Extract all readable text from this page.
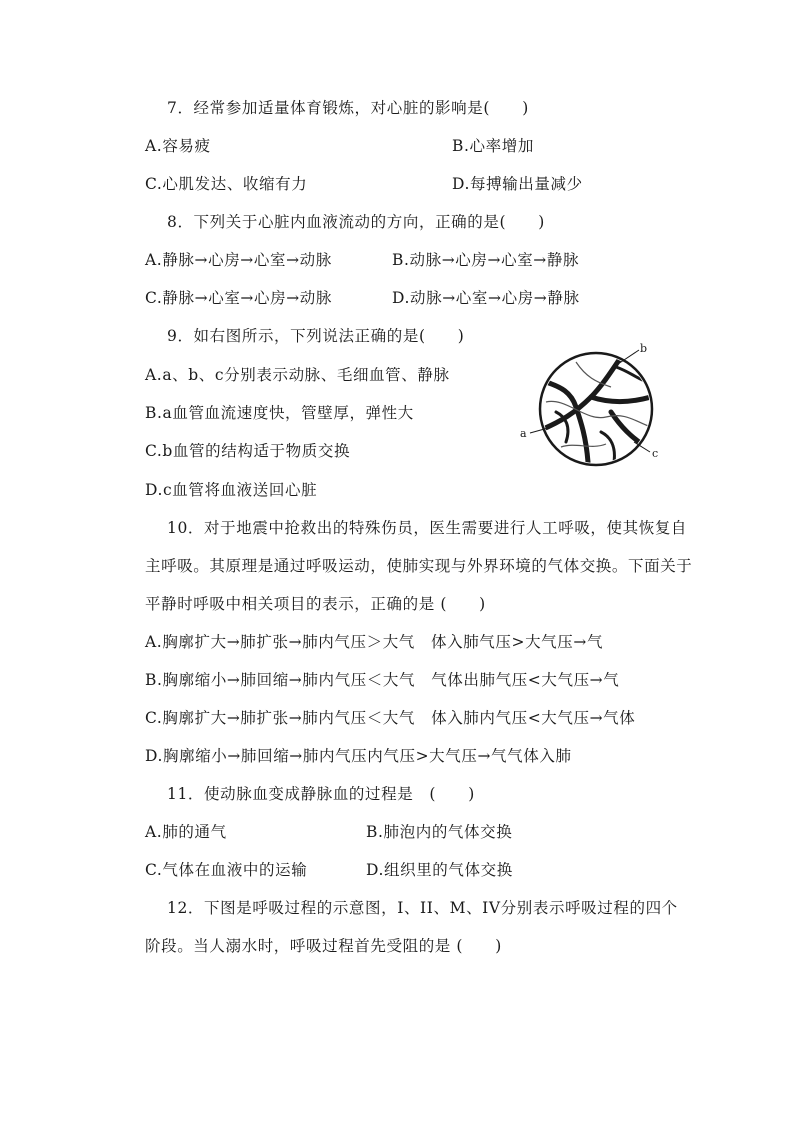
7．经常参加适量体育锻炼，对心脏的影响是(　　)
A.容易疲	B.心率增加
C.心肌发达、收缩有力	D.每搏输出量减少
8．下列关于心脏内血液流动的方向，正确的是(　　)
A.静脉→心房→心室→动脉	B.动脉→心房→心室→静脉
C.静脉→心室→心房→动脉	D.动脉→心室→心房→静脉
9．如右图所示，下列说法正确的是(　　)
A.a、b、c分别表示动脉、毛细血管、静脉
B.a血管血流速度快，管壁厚，弹性大
C.b血管的结构适于物质交换
D.c血管将血液送回心脏
b
a
c
10．对于地震中抢救出的特殊伤员，医生需要进行人工呼吸，使其恢复自
主呼吸。其原理是通过呼吸运动，使肺实现与外界环境的气体交换。下面关于
平静时呼吸中相关项目的表示，正确的是 (　　)
A.胸廓扩大→肺扩张→肺内气压＞大气　体入肺气压>大气压→气
B.胸廓缩小→肺回缩→肺内气压＜大气　气体出肺气压<大气压→气
C.胸廓扩大→肺扩张→肺内气压＜大气　体入肺内气压<大气压→气体
D.胸廓缩小→肺回缩→肺内气压内气压>大气压→气气体入肺
11．使动脉血变成静脉血的过程是　(　　)
A.肺的通气	B.肺泡内的气体交换
C.气体在血液中的运输	D.组织里的气体交换
12．下图是呼吸过程的示意图，I、II、M、IV分别表示呼吸过程的四个
阶段。当人溺水时，呼吸过程首先受阻的是 (　　)
